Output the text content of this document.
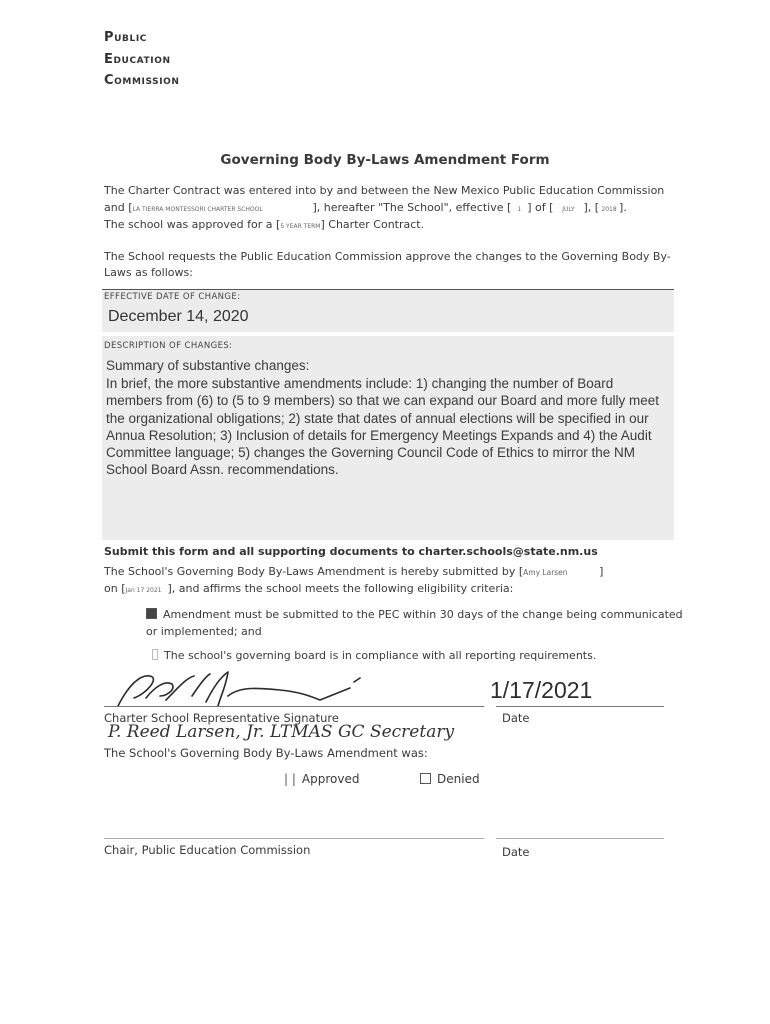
Public
Education
Commission
Governing Body By-Laws Amendment Form
The Charter Contract was entered into by and between the New Mexico Public Education Commission
and [LA TIERRA MONTESSORI CHARTER SCHOOL	], hereafter "The School", effective [ 1 ] of [ JULY ], [ 2018 ].
The school was approved for a [5 YEAR TERM] Charter Contract.
The School requests the Public Education Commission approve the changes to the Governing Body By-
Laws as follows:
EFFECTIVE DATE OF CHANGE:
December 14, 2020
DESCRIPTION OF CHANGES:
Summary of substantive changes:
In brief, the more substantive amendments include: 1) changing the number of Board members from (6) to (5 to 9 members) so that we can expand our Board and more fully meet the organizational obligations; 2) state that dates of annual elections will be specified in our Annua Resolution; 3) Inclusion of details for Emergency Meetings Expands and 4) the Audit Committee language; 5) changes the Governing Council Code of Ethics to mirror the NM School Board Assn. recommendations.
Submit this form and all supporting documents to charter.schools@state.nm.us
The School's Governing Body By-Laws Amendment is hereby submitted by [Amy Larsen	]
on [Jan 17 2021 ], and affirms the school meets the following eligibility criteria:
Amendment must be submitted to the PEC within 30 days of the change being communicated
or implemented; and
The school's governing board is in compliance with all reporting requirements.
1/17/2021
Charter School Representative Signature	Date
P. Reed Larsen, Jr. LTMAS GC Secretary
The School's Governing Body By-Laws Amendment was:
| | Approved	Denied
Chair, Public Education Commission	Date
